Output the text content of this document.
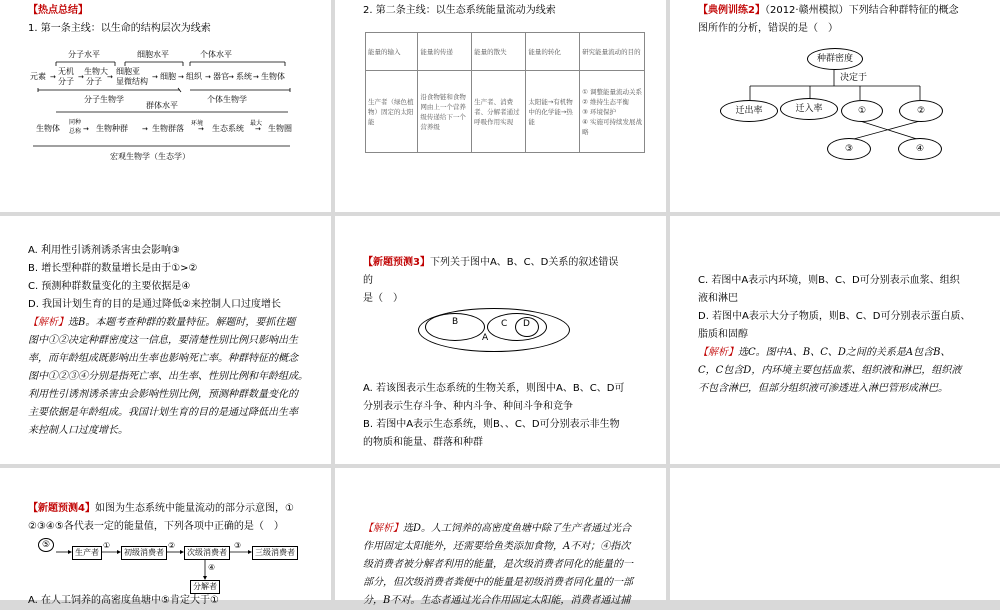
【热点总结】
1. 第一条主线：以生命的结构层次为线索
分子水平	细胞水平	个体水平
→	→	→	→	→	→ →	→
→	→	→	→
元素
无机
分子
生物大
分子
细胞亚
显微结构
细胞 组织 器官 系统 生物体
分子生物学	个体生物学
群体水平
生物体
同种
总称 生物种群	生物群落
环境
生态系统
最大
生物圈
宏观生物学（生态学）
2. 第二条主线：以生态系统能量流动为线索
能量的输入	能量的传递	能量的散失	能量的转化	研究能量流动的目的
生产者（绿色植物）固定的太阳能	沿食物链和食物网由上一个营养级传递给下一个营养级	生产者、消费者、分解者通过呼吸作用实现	太阳能→有机物中的化学能→热能	① 调整能量流动关系
② 维持生态平衡
③ 环境保护
④ 实施可持续发展战略
【典例训练2】（2012·赣州模拟）下列结合种群特征的概念
图所作的分析，错误的是（　）
种群密度
决定于
迁出率	迁入率	①	②
③	④
A. 利用性引诱剂诱杀害虫会影响③
B. 增长型种群的数量增长是由于①>②
C. 预测种群数量变化的主要依据是④
D. 我国计划生育的目的是通过降低②来控制人口过度增长
【解析】选B。本题考查种群的数量特征。解题时，要抓住题
图中①②决定种群密度这一信息，要清楚性别比例只影响出生
率，而年龄组成既影响出生率也影响死亡率。种群特征的概念
图中①②③④分别是指死亡率、出生率、性别比例和年龄组成。
利用性引诱剂诱杀害虫会影响性别比例，预测种群数量变化的
主要依据是年龄组成。我国计划生育的目的是通过降低出生率
来控制人口过度增长。
【新题预测3】下列关于图中A、B、C、D关系的叙述错误
的
是（　）
B	C D
A
A. 若该图表示生态系统的生物关系，则图中A、B、C、D可
分别表示生存斗争、种内斗争、种间斗争和竞争
B. 若图中A表示生态系统，则B、、C、D可分别表示非生物
的物质和能量、群落和种群
C. 若图中A表示内环境，则B、C、D可分别表示血浆、组织
液和淋巴
D. 若图中A表示大分子物质，则B、C、D可分别表示蛋白质、
脂质和固醇
【解析】选C。图中A、B、C、D之间的关系是A包含B、
C，C包含D，内环境主要包括血浆、组织液和淋巴，组织液
不包含淋巴，但部分组织液可渗透进入淋巴管形成淋巴。
【新题预测4】如图为生态系统中能量流动的部分示意图，①
②③④⑤各代表一定的能量值，下列各项中正确的是（　）
⑤
生产者
①
初级消费者
②
次级消费者
③
三级消费者
④
分解者
A. 在人工饲养的高密度鱼塘中⑤肯定大于①
【解析】选D。人工饲养的高密度鱼塘中除了生产者通过光合
作用固定太阳能外，还需要给鱼类添加食物，A不对；④指次
级消费者被分解者利用的能量，是次级消费者同化的能量的一
部分，但次级消费者粪便中的能量是初级消费者同化量的一部
分，B不对。生态者通过光合作用固定太阳能，消费者通过捕
